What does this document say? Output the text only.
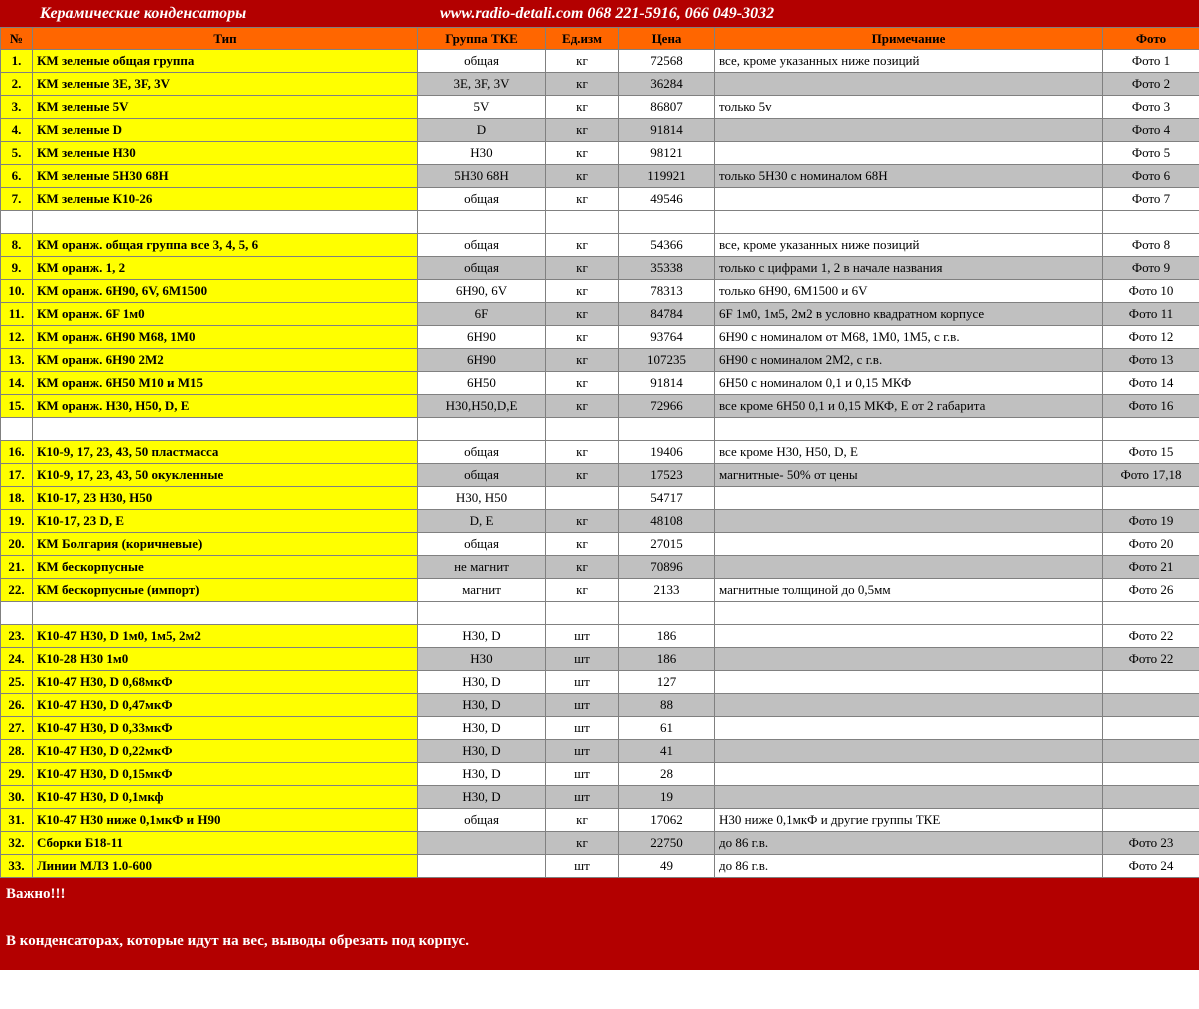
Керамические конденсаторы	www.radio-detali.com 068 221-5916, 066 049-3032
№	Тип	Группа ТКЕ	Ед.изм	Цена	Примечание	Фото
1.	КМ зеленые общая группа	общая	кг	72568	все, кроме указанных ниже позиций	Фото 1
2.	КМ зеленые 3Е, 3F, 3V	3Е, 3F, 3V	кг	36284		Фото 2
3.	КМ зеленые 5V	5V	кг	86807	только 5v	Фото 3
4.	КМ зеленые D	D	кг	91814		Фото 4
5.	КМ зеленые Н30	Н30	кг	98121		Фото 5
6.	КМ зеленые 5Н30 68Н	5Н30 68Н	кг	119921	только 5Н30 с номиналом 68Н	Фото 6
7.	КМ зеленые К10-26	общая	кг	49546		Фото 7

8.	КМ оранж. общая группа все 3, 4, 5, 6	общая	кг	54366	все, кроме указанных ниже позиций	Фото 8
9.	КМ оранж. 1, 2	общая	кг	35338	только с цифрами 1, 2 в начале названия	Фото 9
10.	КМ оранж. 6Н90, 6V, 6М1500	6Н90, 6V	кг	78313	только 6Н90, 6М1500 и 6V	Фото 10
11.	КМ оранж. 6F 1м0	6F	кг	84784	6F 1м0, 1м5, 2м2 в условно квадратном корпусе	Фото 11
12.	КМ оранж. 6Н90 М68, 1М0	6Н90	кг	93764	6Н90 с номиналом от М68, 1М0, 1М5, с г.в.	Фото 12
13.	КМ оранж. 6Н90 2М2	6Н90	кг	107235	6Н90 с номиналом 2М2, с г.в.	Фото 13
14.	КМ оранж. 6Н50 М10 и М15	6Н50	кг	91814	6Н50 с номиналом 0,1 и 0,15 МКФ	Фото 14
15.	КМ оранж. Н30, Н50, D, Е	Н30,Н50,D,Е	кг	72966	все кроме 6Н50 0,1 и 0,15 МКФ, Е от 2 габарита	Фото 16

16.	К10-9, 17, 23, 43, 50 пластмасса	общая	кг	19406	все кроме Н30, Н50, D, Е	Фото 15
17.	К10-9, 17, 23, 43, 50 окукленные	общая	кг	17523	магнитные- 50% от цены	Фото 17,18
18.	К10-17, 23 Н30, Н50	Н30, Н50		54717		
19.	К10-17, 23 D, Е	D, Е	кг	48108		Фото 19
20.	КМ Болгария (коричневые)	общая	кг	27015		Фото 20
21.	КМ бескорпусные	не магнит	кг	70896		Фото 21
22.	КМ бескорпусные (импорт)	магнит	кг	2133	магнитные толщиной до 0,5мм	Фото 26

23.	К10-47 Н30, D 1м0, 1м5, 2м2	Н30, D	шт	186		Фото 22
24.	К10-28 Н30 1м0	Н30	шт	186		Фото 22
25.	К10-47 Н30, D 0,68мкФ	Н30, D	шт	127		
26.	К10-47 Н30, D 0,47мкФ	Н30, D	шт	88		
27.	К10-47 Н30, D 0,33мкФ	Н30, D	шт	61		
28.	К10-47 Н30, D 0,22мкФ	Н30, D	шт	41		
29.	К10-47 Н30, D 0,15мкФ	Н30, D	шт	28		
30.	К10-47 Н30, D 0,1мкф	Н30, D	шт	19		
31.	К10-47 Н30 ниже 0,1мкФ и Н90	общая	кг	17062	Н30 ниже 0,1мкФ и другие группы ТКЕ	
32.	Сборки Б18-11		кг	22750	до 86 г.в.	Фото 23
33.	Линии МЛЗ 1.0-600		шт	49	до 86 г.в.	Фото 24
Важно!!!
В конденсаторах, которые идут на вес, выводы обрезать под корпус.
